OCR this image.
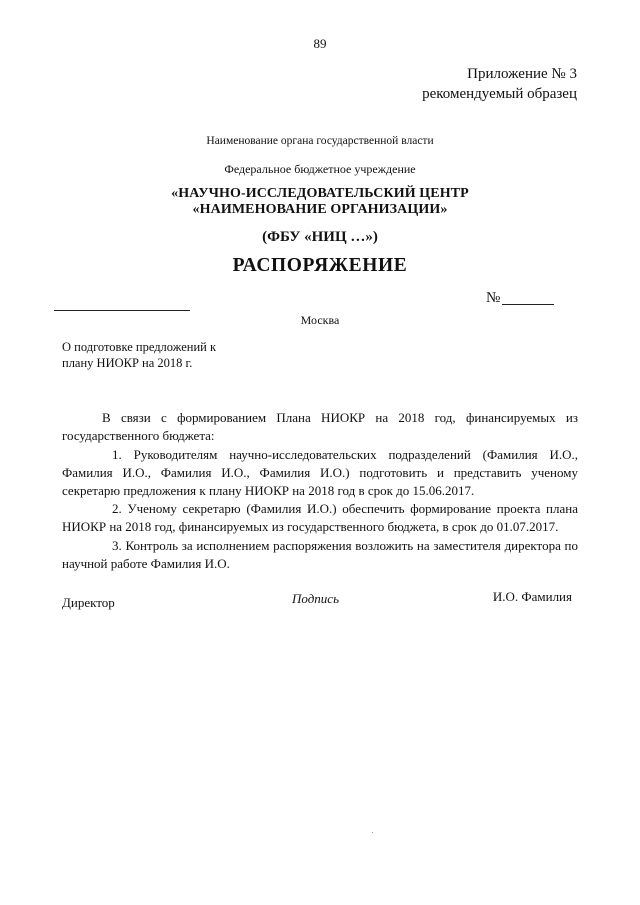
89
Приложение № 3
рекомендуемый образец
Наименование органа государственной власти
Федеральное бюджетное учреждение
«НАУЧНО-ИССЛЕДОВАТЕЛЬСКИЙ ЦЕНТР
«НАИМЕНОВАНИЕ ОРГАНИЗАЦИИ»
(ФБУ «НИЦ …»)
РАСПОРЯЖЕНИЕ
№
Москва
О подготовке предложений к
плану НИОКР на 2018 г.
В связи с формированием Плана НИОКР на 2018 год, финансируемых из государственного бюджета:
1. Руководителям научно-исследовательских подразделений (Фамилия И.О., Фамилия И.О., Фамилия И.О., Фамилия И.О.) подготовить и представить ученому секретарю предложения к плану НИОКР на 2018 год в срок до 15.06.2017.
2. Ученому секретарю (Фамилия И.О.) обеспечить формирование проекта плана НИОКР на 2018 год, финансируемых из государственного бюджета, в срок до 01.07.2017.
3. Контроль за исполнением распоряжения возложить на заместителя директора по научной работе Фамилия И.О.
Директор	Подпись	И.О. Фамилия
